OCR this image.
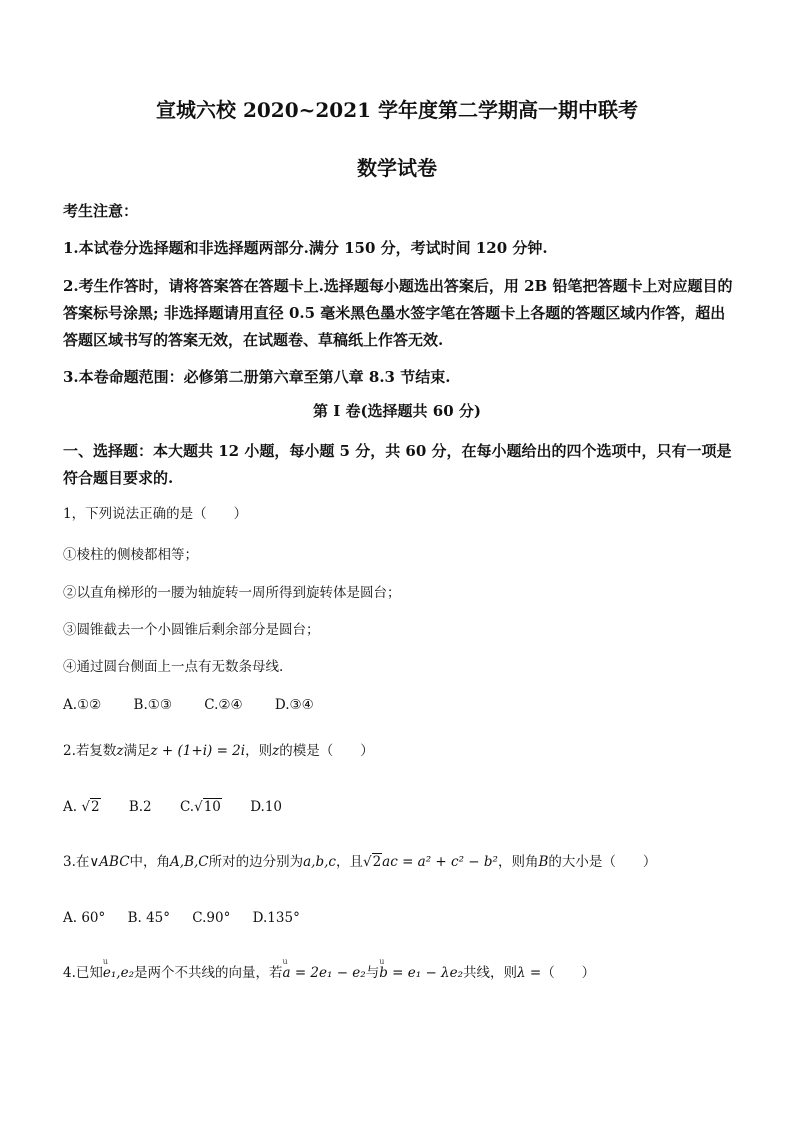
宣城六校 2020~2021 学年度第二学期高一期中联考
数学试卷
考生注意：
1.本试卷分选择题和非选择题两部分.满分 150 分，考试时间 120 分钟.
2.考生作答时，请将答案答在答题卡上.选择题每小题选出答案后，用 2B 铅笔把答题卡上对应题目的答案标号涂黑; 非选择题请用直径 0.5 毫米黑色墨水签字笔在答题卡上各题的答题区域内作答，超出答题区域书写的答案无效，在试题卷、草稿纸上作答无效.
3.本卷命题范围：必修第二册第六章至第八章 8.3 节结束.
第 I 卷(选择题共 60 分)
一、选择题：本大题共 12 小题，每小题 5 分，共 60 分，在每小题给出的四个选项中，只有一项是符合题目要求的.
1，下列说法正确的是（　　）
①棱柱的侧棱都相等；
②以直角梯形的一腰为轴旋转一周所得到旋转体是圆台；
③圆锥截去一个小圆锥后剩余部分是圆台；
④通过圆台侧面上一点有无数条母线.
A.①② B.①③ C.②④ D.③④
2.若复数z满足z + (1+i) = 2i，则z的模是（　　）
A. √2 B.2 C.√10 D.10
3.在∨ABC中，角A,B,C所对的边分别为a,b,c，且√2ac = a² + c² − b²，则角B的大小是（　　）
A. 60° B. 45° C.90° D.135°
4.已知u e₁,e₂是两个不共线的向量，若u a = 2e₁ − e₂与u b = e₁ − λe₂共线，则λ =（　　）
